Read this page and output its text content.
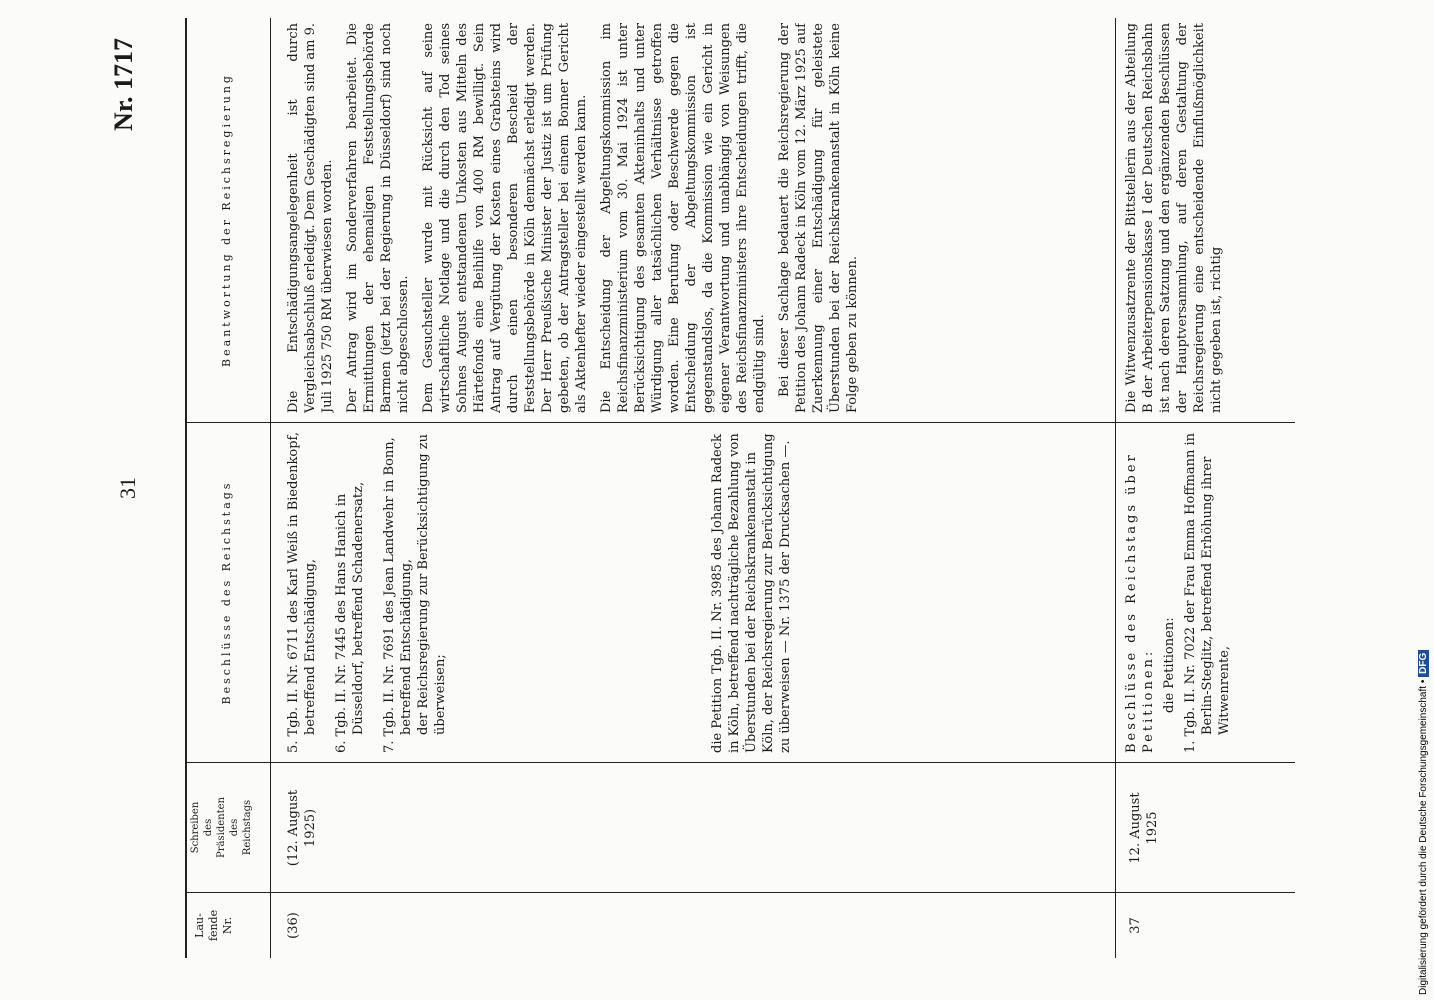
31
Nr. 1717
Lau-
fende
Nr.
Schreiben
des
Präsidenten
des
Reichstags
Beschlüsse des Reichstags
Beantwortung der Reichsregierung
(36)
(12. August
1925)

5. Tgb. II. Nr. 6711 des Karl Weiß in Biedenkopf, betreffend Entschädigung, 6. Tgb. II. Nr. 7445 des Hans Hanich in Düsseldorf, betreffend Schadenersatz,

7. Tgb. II. Nr. 7691 des Jean Landwehr in Bonn, betreffend Entschädigung,
der Reichsregierung zur Berücksichtigung zu überweisen;	die Petition Tgb. II. Nr. 3985 des Johann Radeck in Köln, betreffend nachträgliche Bezahlung von Überstunden bei der Reichskrankenanstalt in Köln, der Reichsregierung zur Berücksichtigung zu überweisen — Nr. 1375 der Drucksachen —.

Die Entschädigungsangelegenheit ist durch Vergleichsabschluß erledigt. Dem Geschädigten sind am 9. Juli 1925 750 RM überwiesen worden. Der Antrag wird im Sonderverfahren bearbeitet. Die Ermittlungen der ehemaligen Feststellungsbehörde Barmen (jetzt bei der Regierung in Düsseldorf) sind noch nicht abgeschlossen. Dem Gesuchsteller wurde mit Rücksicht auf seine wirtschaftliche Notlage und die durch den Tod seines Sohnes August entstandenen Unkosten aus Mitteln des Härtefonds eine Beihilfe von 400 RM bewilligt. Sein Antrag auf Vergütung der Kosten eines Grabsteins wird durch einen besonderen Bescheid der Feststellungsbehörde in Köln demnächst erledigt werden. Der Herr Preußische Minister der Justiz ist um Prüfung gebeten, ob der Antragsteller bei einem Bonner Gericht als Aktenhefter wieder eingestellt werden kann. Die Entscheidung der Abgeltungskommission im Reichsfinanzministerium vom 30. Mai 1924 ist unter Berücksichtigung des gesamten Akteninhalts und unter Würdigung aller tatsächlichen Verhältnisse getroffen worden. Eine Berufung oder Beschwerde gegen die Entscheidung der Abgeltungskommission ist gegenstandslos, da die Kommission wie ein Gericht in eigener Verantwortung und unabhängig von Weisungen des Reichsfinanzministers ihre Entscheidungen trifft, die endgültig sind. Bei dieser Sachlage bedauert die Reichsregierung der Petition des Johann Radeck in Köln vom 12. März 1925 auf Zuerkennung einer Entschädigung für geleistete Überstunden bei der Reichskrankenanstalt in Köln keine Folge geben zu können.

37
12. August
1925

Beschlüsse des Reichstags über Petitionen: die Petitionen: 1. Tgb. II. Nr. 7022 der Frau Emma Hoffmann in Berlin-Steglitz, betreffend Erhöhung ihrer Witwenrente,

Die Witwenzusatzrente der Bittstellerin aus der Abteilung B der Arbeiterpensionskasse I der Deutschen Reichsbahn ist nach deren Satzung und den ergänzenden Beschlüssen der Hauptversammlung, auf deren Gestaltung der Reichsregierung eine entscheidende Einflußmöglichkeit nicht gegeben ist, richtig
Digitalisierung gefördert durch die Deutsche Forschungsgemeinschaft • DFG
